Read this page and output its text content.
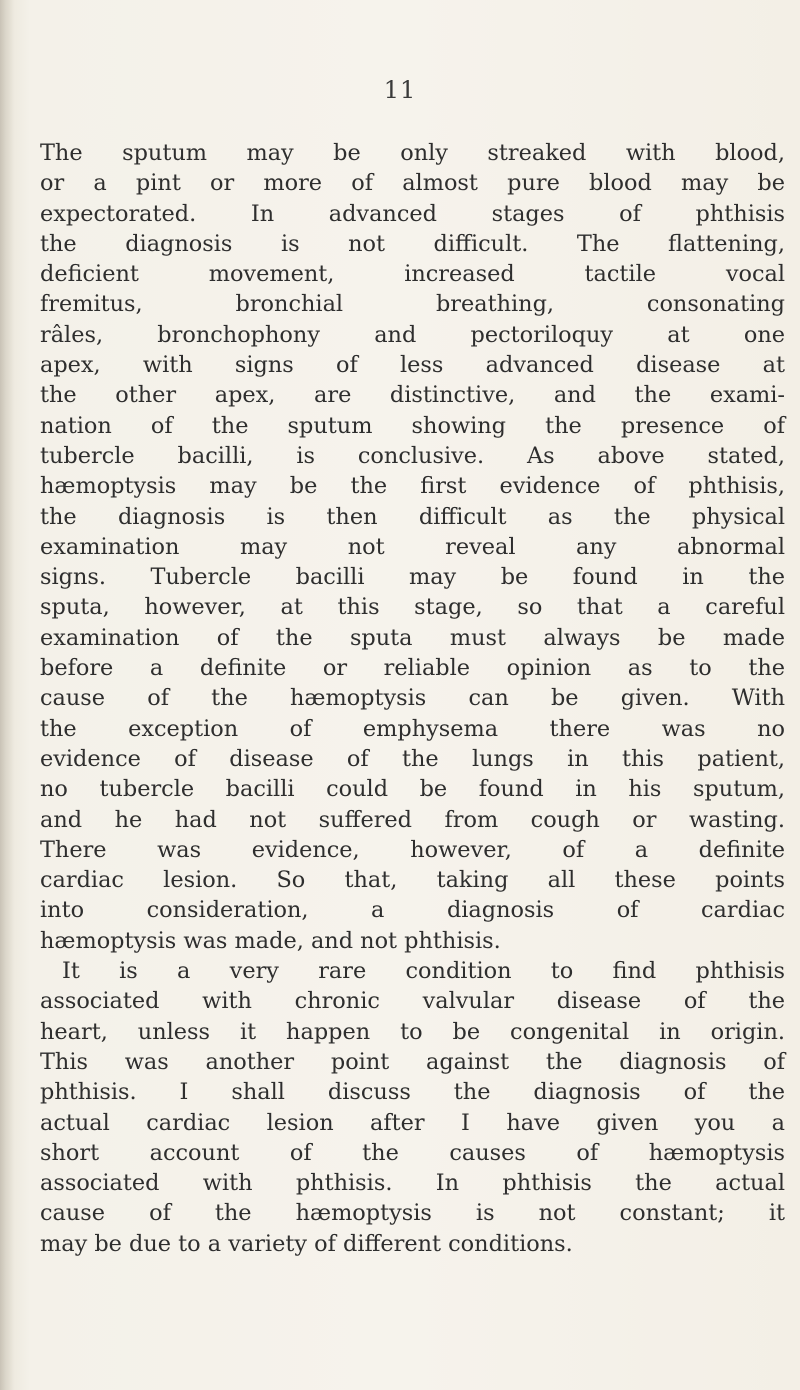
11
The sputum may be only streaked with blood,
or a pint or more of almost pure blood may be
expectorated. In advanced stages of phthisis
the diagnosis is not difficult. The flattening,
deficient movement, increased tactile vocal
fremitus, bronchial breathing, consonating
râles, bronchophony and pectoriloquy at one
apex, with signs of less advanced disease at
the other apex, are distinctive, and the exami-
nation of the sputum showing the presence of
tubercle bacilli, is conclusive. As above stated,
hæmoptysis may be the first evidence of phthisis,
the diagnosis is then difficult as the physical
examination may not reveal any abnormal
signs. Tubercle bacilli may be found in the
sputa, however, at this stage, so that a careful
examination of the sputa must always be made
before a definite or reliable opinion as to the
cause of the hæmoptysis can be given. With
the exception of emphysema there was no
evidence of disease of the lungs in this patient,
no tubercle bacilli could be found in his sputum,
and he had not suffered from cough or wasting.
There was evidence, however, of a definite
cardiac lesion. So that, taking all these points
into consideration, a diagnosis of cardiac
hæmoptysis was made, and not phthisis.
It is a very rare condition to find phthisis
associated with chronic valvular disease of the
heart, unless it happen to be congenital in origin.
This was another point against the diagnosis of
phthisis. I shall discuss the diagnosis of the
actual cardiac lesion after I have given you a
short account of the causes of hæmoptysis
associated with phthisis. In phthisis the actual
cause of the hæmoptysis is not constant; it
may be due to a variety of different conditions.
